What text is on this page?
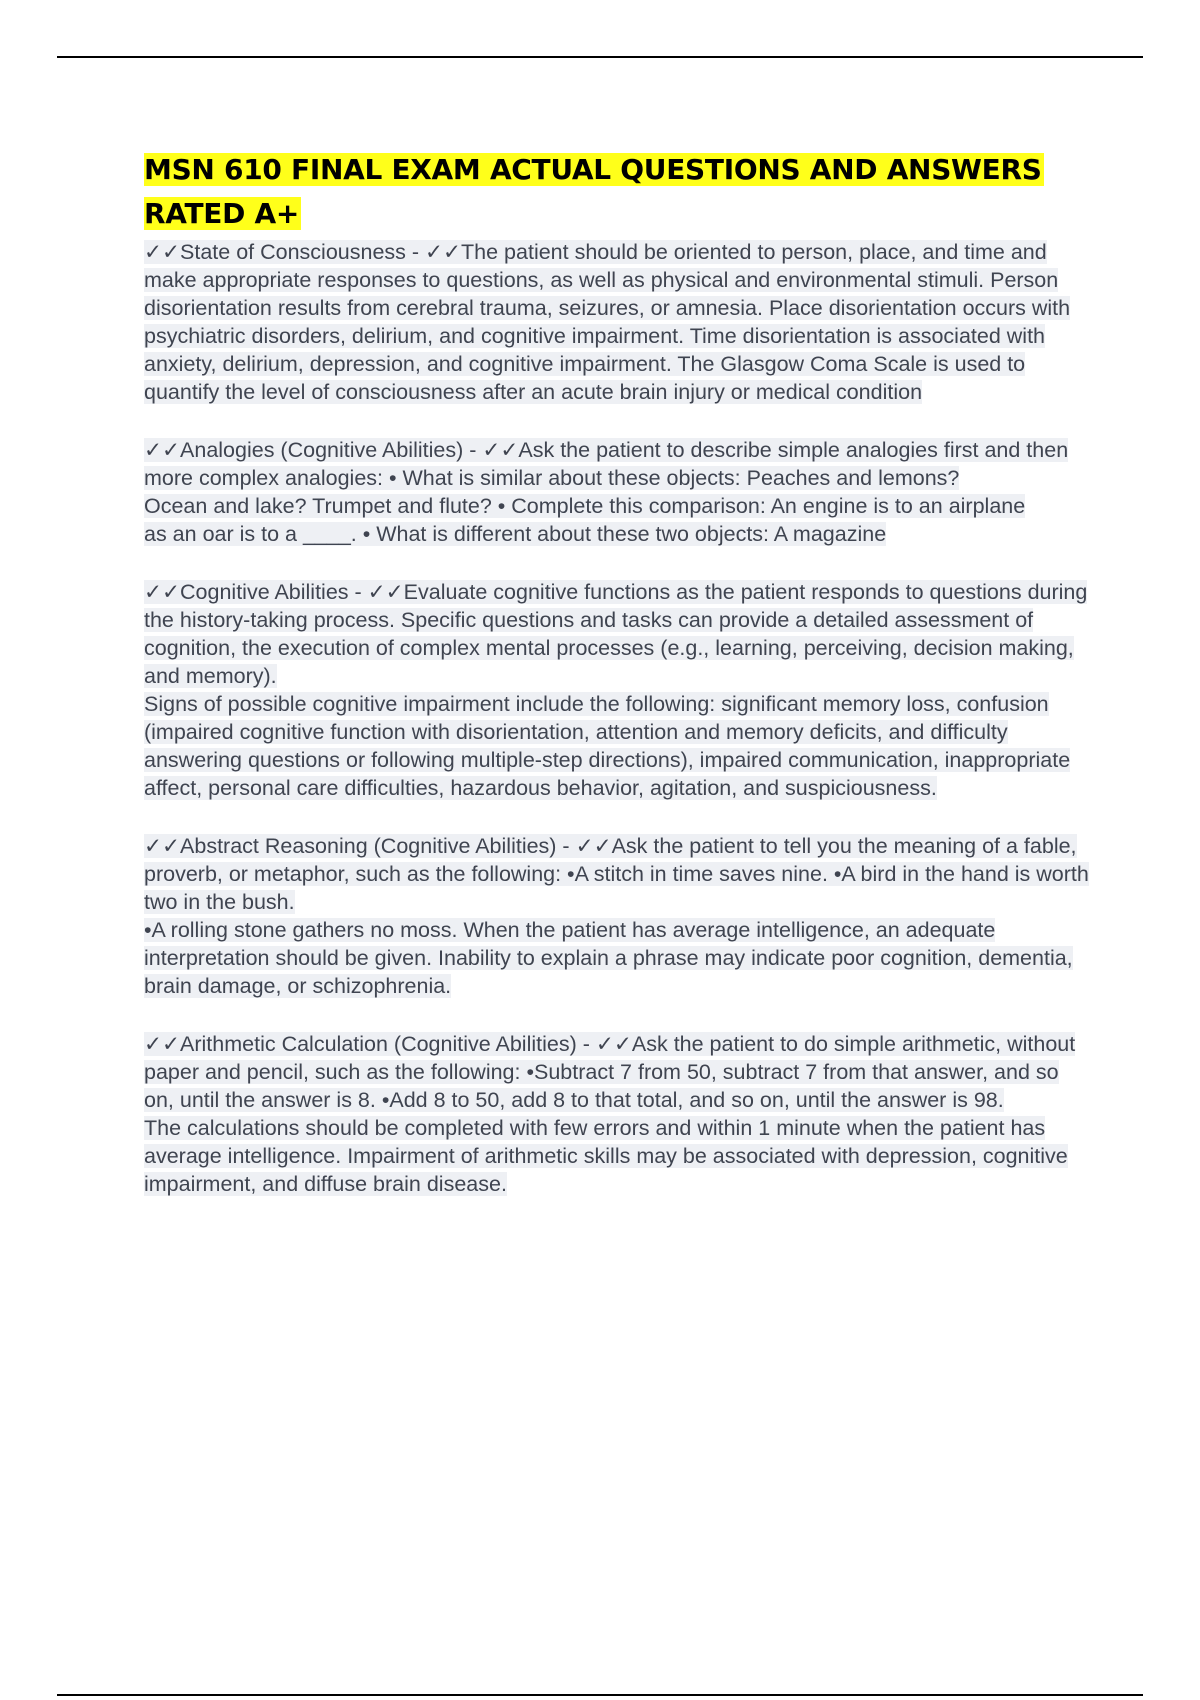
MSN 610 FINAL EXAM ACTUAL QUESTIONS AND ANSWERS RATED A+

✓✓State of Consciousness - ✓✓The patient should be oriented to person, place, and time and make appropriate responses to questions, as well as physical and environmental stimuli. Person disorientation results from cerebral trauma, seizures, or amnesia. Place disorientation occurs with psychiatric disorders, delirium, and cognitive impairment. Time disorientation is associated with anxiety, delirium, depression, and cognitive impairment. The Glasgow Coma Scale is used to quantify the level of consciousness after an acute brain injury or medical condition

✓✓Analogies (Cognitive Abilities) - ✓✓Ask the patient to describe simple analogies first and then more complex analogies: • What is similar about these objects: Peaches and lemons?

Ocean and lake? Trumpet and flute? • Complete this comparison: An engine is to an airplane

as an oar is to a ____. • What is different about these two objects: A magazine

✓✓Cognitive Abilities - ✓✓Evaluate cognitive functions as the patient responds to questions during the history-taking process. Specific questions and tasks can provide a detailed assessment of cognition, the execution of complex mental processes (e.g., learning, perceiving, decision making, and memory).

Signs of possible cognitive impairment include the following: significant memory loss, confusion (impaired cognitive function with disorientation, attention and memory deficits, and difficulty answering questions or following multiple-step directions), impaired communication, inappropriate affect, personal care difficulties, hazardous behavior, agitation, and suspiciousness.

✓✓Abstract Reasoning (Cognitive Abilities) - ✓✓Ask the patient to tell you the meaning of a fable, proverb, or metaphor, such as the following: •A stitch in time saves nine. •A bird in the hand is worth two in the bush.

•A rolling stone gathers no moss. When the patient has average intelligence, an adequate interpretation should be given. Inability to explain a phrase may indicate poor cognition, dementia, brain damage, or schizophrenia.

✓✓Arithmetic Calculation (Cognitive Abilities) - ✓✓Ask the patient to do simple arithmetic, without paper and pencil, such as the following: •Subtract 7 from 50, subtract 7 from that answer, and so

on, until the answer is 8. •Add 8 to 50, add 8 to that total, and so on, until the answer is 98.

The calculations should be completed with few errors and within 1 minute when the patient has average intelligence. Impairment of arithmetic skills may be associated with depression, cognitive impairment, and diffuse brain disease.
